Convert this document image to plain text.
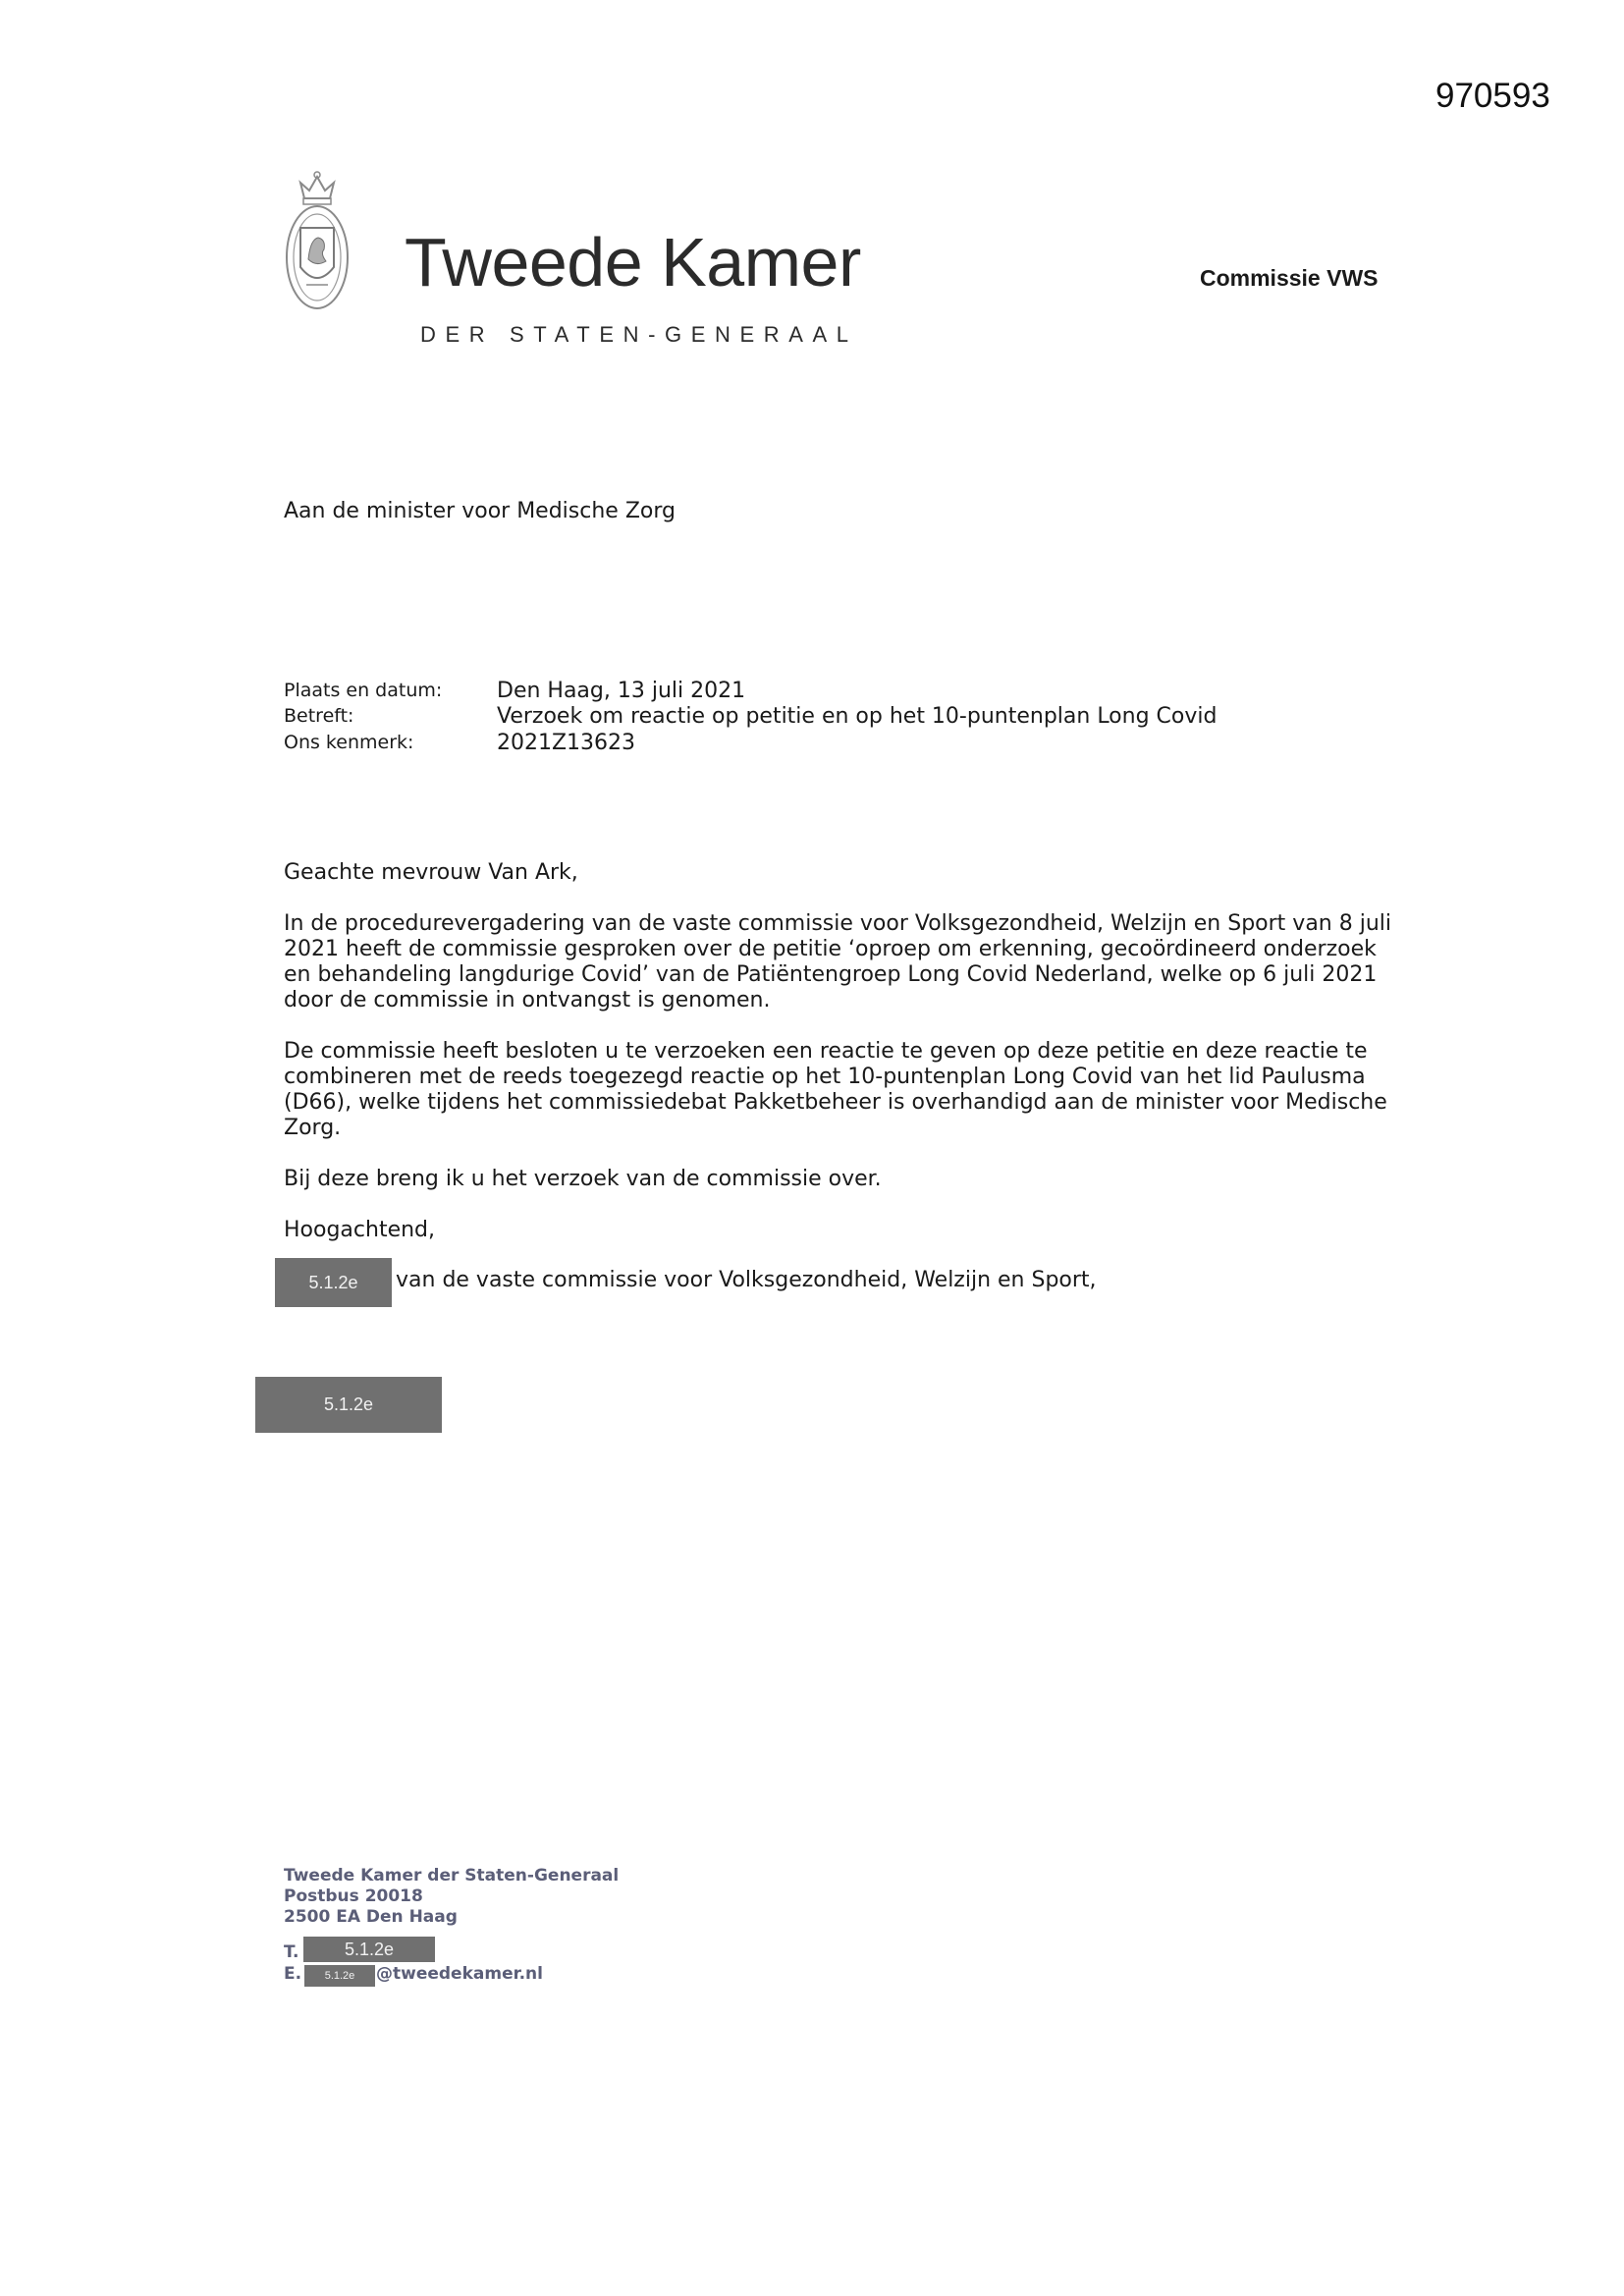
970593
Tweede Kamer
DER STATEN-GENERAAL
Commissie VWS
Aan de minister voor Medische Zorg
Plaats en datum:	Den Haag, 13 juli 2021
Betreft:	Verzoek om reactie op petitie en op het 10-puntenplan Long Covid
Ons kenmerk:	2021Z13623
Geachte mevrouw Van Ark,

In de procedurevergadering van de vaste commissie voor Volksgezondheid, Welzijn en Sport van 8 juli 2021 heeft de commissie gesproken over de petitie ‘oproep om erkenning, gecoördineerd onderzoek en behandeling langdurige Covid’ van de Patiëntengroep Long Covid Nederland, welke op 6 juli 2021 door de commissie in ontvangst is genomen.

De commissie heeft besloten u te verzoeken een reactie te geven op deze petitie en deze reactie te combineren met de reeds toegezegd reactie op het 10-puntenplan Long Covid van het lid Paulusma (D66), welke tijdens het commissiedebat Pakketbeheer is overhandigd aan de minister voor Medische Zorg.

Bij deze breng ik u het verzoek van de commissie over.

Hoogachtend,
5.1.2e	van de vaste commissie voor Volksgezondheid, Welzijn en Sport,
5.1.2e
Tweede Kamer der Staten-Generaal
Postbus 20018
2500 EA Den Haag
T.	5.1.2e
E.	5.1.2e	@tweedekamer.nl
